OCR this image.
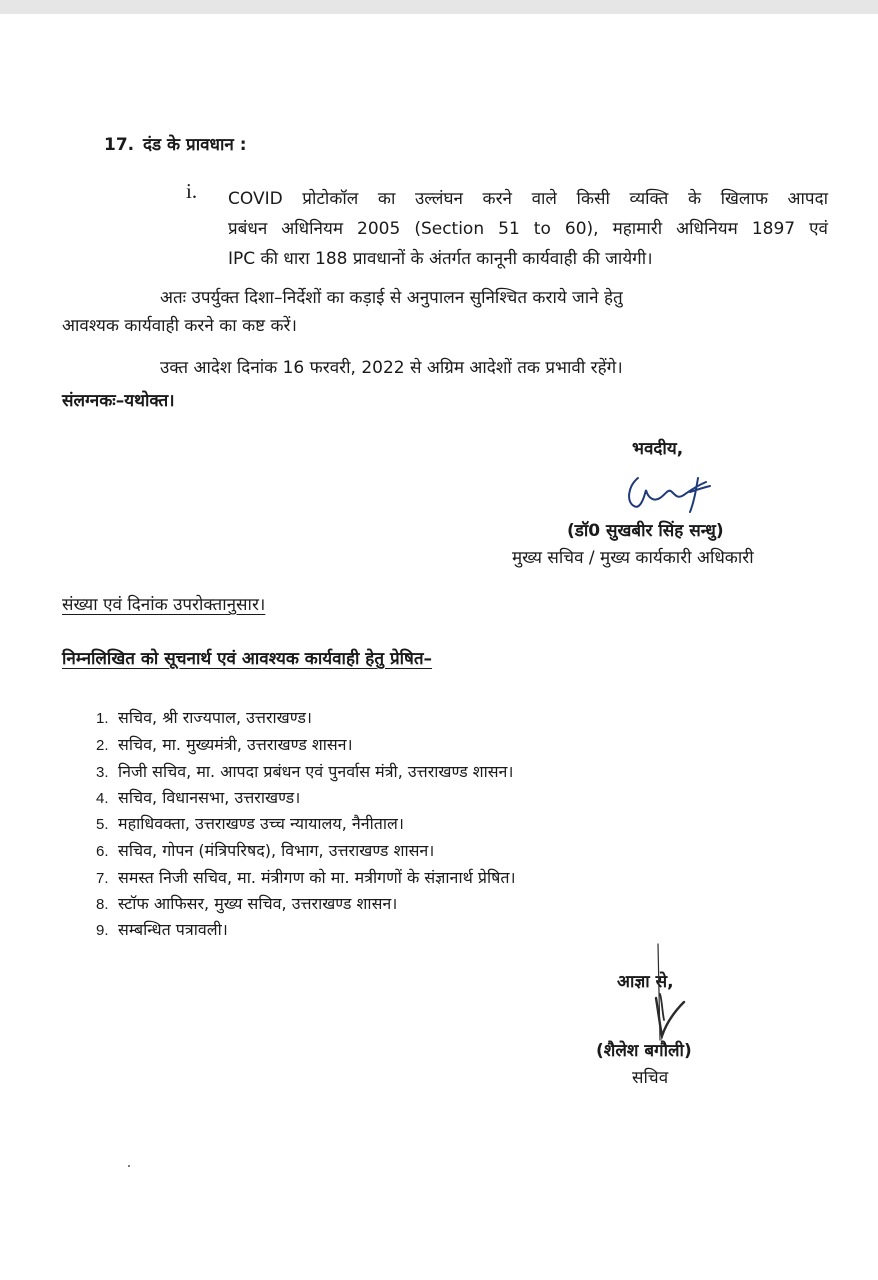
17. दंड के प्रावधान :
i. COVID प्रोटोकॉल का उल्लंघन करने वाले किसी व्यक्ति के खिलाफ आपदा
प्रबंधन अधिनियम 2005 (Section 51 to 60), महामारी अधिनियम 1897 एवं
IPC की धारा 188 प्रावधानों के अंतर्गत कानूनी कार्यवाही की जायेगी।
अतः उपर्युक्त दिशा–निर्देशों का कड़ाई से अनुपालन सुनिश्चित कराये जाने हेतु
आवश्यक कार्यवाही करने का कष्ट करें।
उक्त आदेश दिनांक 16 फरवरी, 2022 से अग्रिम आदेशों तक प्रभावी रहेंगे।
संलग्नकः–यथोक्त।
भवदीय,
(डॉ0 सुखबीर सिंह सन्धु)
मुख्य सचिव / मुख्य कार्यकारी अधिकारी
संख्या एवं दिनांक उपरोक्तानुसार।
निम्नलिखित को सूचनार्थ एवं आवश्यक कार्यवाही हेतु प्रेषित–
1. सचिव, श्री राज्यपाल, उत्तराखण्ड।
2. सचिव, मा. मुख्यमंत्री, उत्तराखण्ड शासन।
3. निजी सचिव, मा. आपदा प्रबंधन एवं पुनर्वास मंत्री, उत्तराखण्ड शासन।
4. सचिव, विधानसभा, उत्तराखण्ड।
5. महाधिवक्ता, उत्तराखण्ड उच्च न्यायालय, नैनीताल।
6. सचिव, गोपन (मंत्रिपरिषद), विभाग, उत्तराखण्ड शासन।
7. समस्त निजी सचिव, मा. मंत्रीगण को मा. मत्रीगणों के संज्ञानार्थ प्रेषित।
8. स्टॉफ आफिसर, मुख्य सचिव, उत्तराखण्ड शासन।
9. सम्बन्धित पत्रावली।
आज्ञा से,
(शैलेश बगौली)
सचिव
